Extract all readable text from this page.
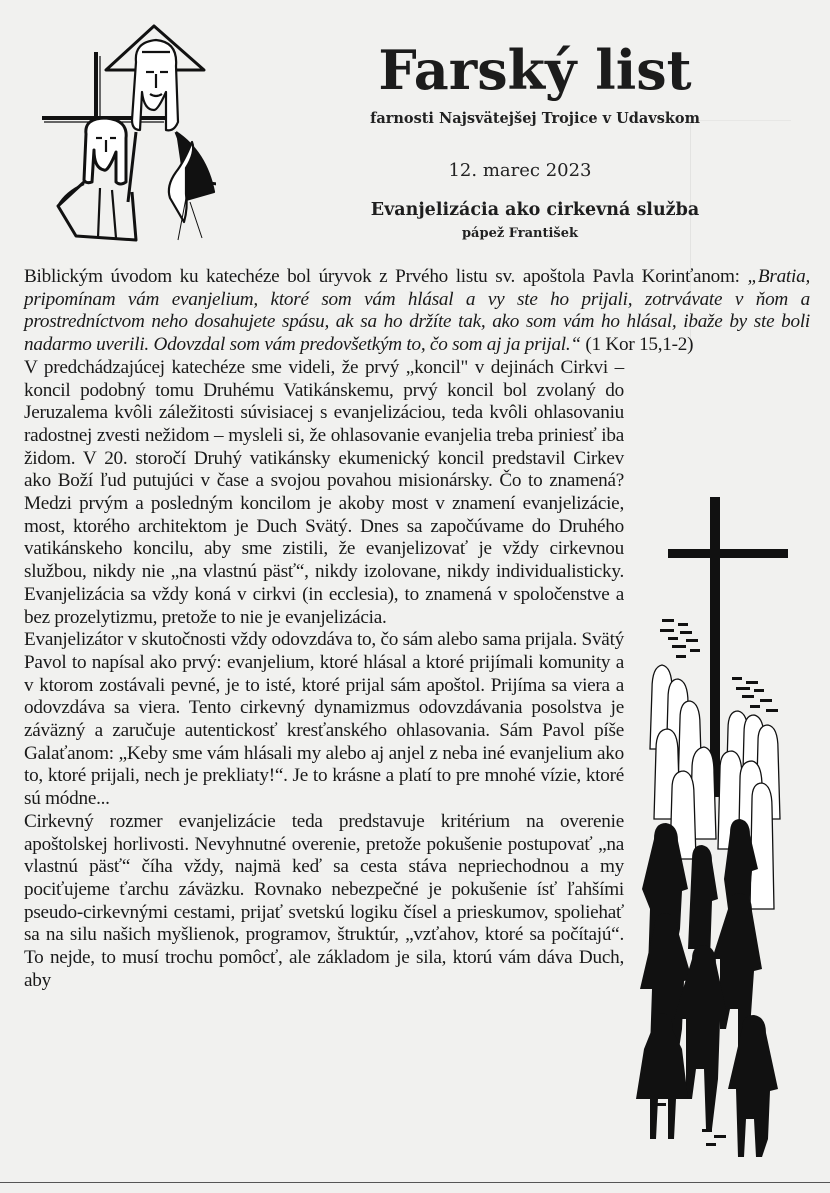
Farský list
farnosti Najsvätejšej Trojice v Udavskom
12. marec 2023
Evanjelizácia ako cirkevná služba
pápež František

Biblickým úvodom ku katechéze bol úryvok z Prvého listu sv. apoštola Pavla Korinťanom: „Bratia, pripomínam vám evanjelium, ktoré som vám hlásal a vy ste ho prijali, zotrvávate v ňom a prostredníctvom neho dosahujete spásu, ak sa ho držíte tak, ako som vám ho hlásal, ibaže by ste boli nadarmo uverili. Odovzdal som vám predovšetkým to, čo som aj ja prijal.“ (1 Kor 15,1-2)

V predchádzajúcej katechéze sme videli, že prvý „koncil" v dejinách Cirkvi – koncil podobný tomu Druhému Vatikánskemu, prvý koncil bol zvolaný do Jeruzalema kvôli záležitosti súvisiacej s evanjelizáciou, teda kvôli ohlasovaniu radostnej zvesti nežidom – mysleli si, že ohlasovanie evanjelia treba priniesť iba židom. V 20. storočí Druhý vatikánsky ekumenický koncil predstavil Cirkev ako Boží ľud putujúci v čase a svojou povahou misionársky. Čo to znamená? Medzi prvým a posledným koncilom je akoby most v znamení evanjelizácie, most, ktorého architektom je Duch Svätý. Dnes sa započúvame do Druhého vatikánskeho koncilu, aby sme zistili, že evanjelizovať je vždy cirkevnou službou, nikdy nie „na vlastnú päsť“, nikdy izolovane, nikdy individualisticky. Evanjelizácia sa vždy koná v cirkvi (in ecclesia), to znamená v spoločenstve a bez prozelytizmu, pretože to nie je evanjelizácia.

Evanjelizátor v skutočnosti vždy odovzdáva to, čo sám alebo sama prijala. Svätý Pavol to napísal ako prvý: evanjelium, ktoré hlásal a ktoré prijímali komunity a v ktorom zostávali pevné, je to isté, ktoré prijal sám apoštol. Prijíma sa viera a odovzdáva sa viera. Tento cirkevný dynamizmus odovzdávania posolstva je záväzný a zaručuje autentickosť kresťanského ohlasovania. Sám Pavol píše Galaťanom: „Keby sme vám hlásali my alebo aj anjel z neba iné evanjelium ako to, ktoré prijali, nech je prekliaty!“. Je to krásne a platí to pre mnohé vízie, ktoré sú módne...

Cirkevný rozmer evanjelizácie teda predstavuje kritérium na overenie apoštolskej horlivosti. Nevyhnutné overenie, pretože pokušenie postupovať „na vlastnú päsť“ číha vždy, najmä keď sa cesta stáva nepriechodnou a my pociťujeme ťarchu záväzku. Rovnako nebezpečné je pokušenie ísť ľahšími pseudo-cirkevnými cestami, prijať svetskú logiku čísel a prieskumov, spoliehať sa na silu našich myšlienok, programov, štruktúr, „vzťahov, ktoré sa počítajú“. To nejde, to musí trochu pomôcť, ale základom je sila, ktorú vám dáva Duch, aby
